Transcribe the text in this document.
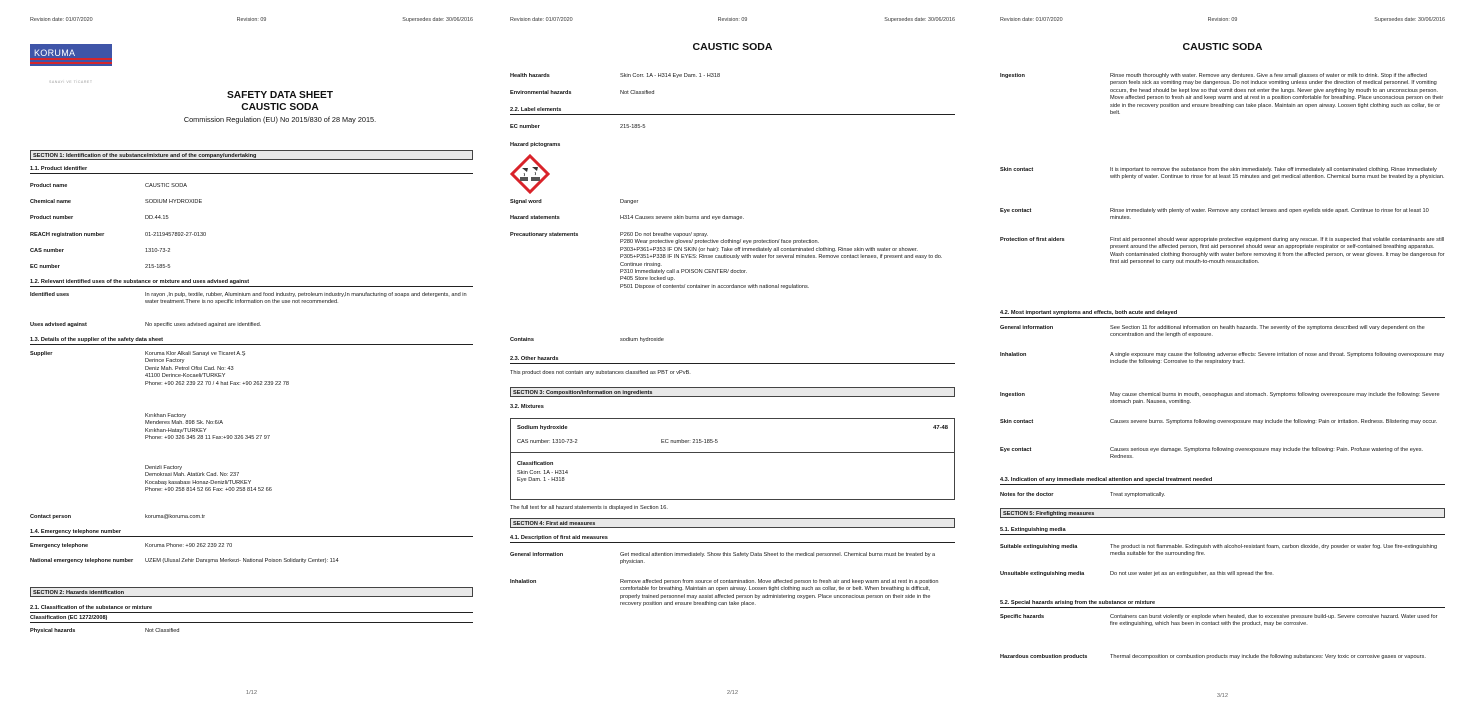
Revision date: 01/07/2020	Revision: 09	Supersedes date: 30/06/2016
KORUMA
SANAYİ VE TİCARET
SAFETY DATA SHEET
CAUSTIC SODA
Commission Regulation (EU) No 2015/830 of 28 May 2015.
SECTION 1: Identification of the substance/mixture and of the company/undertaking
1.1. Product identifier
Product name	CAUSTIC SODA
Chemical name	SODIUM HYDROXIDE
Product number	DD.44.15
REACH registration number	01-2119457892-27-0130
CAS number	1310-73-2
EC number	215-185-5
1.2. Relevant identified uses of the substance or mixture and uses advised against
Identified uses	In rayon ,In pulp, textile, rubber, Aluminium and food industry, petroleum industry,In manufacturing of soaps and detergents, and in water treatment.There is no specific information on the use not recommended.
Uses advised against	No specific uses advised against are identified.
1.3. Details of the supplier of the safety data sheet
Supplier	Koruma Klor Alkali Sanayi ve Ticaret A.Ş
Derince Factory
Deniz Mah. Petrol Ofisi Cad. No: 43
41100 Derince-Kocaeli/TURKEY
Phone: +90 262 239 22 70 / 4 hat Fax: +90 262 239 22 78
Kırıkhan Factory
Menderes Mah. 898 Sk. No:6/A
Kırıkhan-Hatay/TURKEY
Phone: +90 326 345 28 11 Fax:+90 326 345 27 97
Denizli Factory
Demokrasi Mah. Atatürk Cad. No: 237
Kocabaş kasabası Honaz-Denizli/TURKEY
Phone: +90 258 814 52 66 Fax: +00 258 814 52 66
Contact person	koruma@koruma.com.tr
1.4. Emergency telephone number
Emergency telephone	Koruma Phone: +90 262 239 22 70
National emergency telephone number	UZEM (Ulusal Zehir Danışma Merkezi- National Poison Solidarity Center): 114
SECTION 2: Hazards identification
2.1. Classification of the substance or mixture
Classification (EC 1272/2008)
Physical hazards	Not Classified
1/12
Revision date: 01/07/2020	Revision: 09	Supersedes date: 30/06/2016
CAUSTIC SODA
Health hazards	Skin Corr. 1A - H314 Eye Dam. 1 - H318
Environmental hazards	Not Classified
2.2. Label elements
EC number	215-185-5
Hazard pictograms
Signal word	Danger
Hazard statements	H314 Causes severe skin burns and eye damage.
Precautionary statements	P260 Do not breathe vapour/ spray.
P280 Wear protective gloves/ protective clothing/ eye protection/ face protection.
P303+P361+P353 IF ON SKIN (or hair): Take off immediately all contaminated clothing. Rinse skin with water or shower.
P305+P351+P338 IF IN EYES: Rinse cautiously with water for several minutes. Remove contact lenses, if present and easy to do. Continue rinsing.
P310 Immediately call a POISON CENTER/ doctor.
P405 Store locked up.
P501 Dispose of contents/ container in accordance with national regulations.
Contains	sodium hydroxide
2.3. Other hazards
This product does not contain any substances classified as PBT or vPvB.
SECTION 3: Composition/information on ingredients
3.2. Mixtures
Sodium hydroxide	47-48
CAS number: 1310-73-2	EC number: 215-185-5
Classification
Skin Corr. 1A - H314
Eye Dam. 1 - H318
The full text for all hazard statements is displayed in Section 16.
SECTION 4: First aid measures
4.1. Description of first aid measures
General information	Get medical attention immediately. Show this Safety Data Sheet to the medical personnel. Chemical burns must be treated by a physician.
Inhalation	Remove affected person from source of contamination. Move affected person to fresh air and keep warm and at rest in a position comfortable for breathing. Maintain an open airway. Loosen tight clothing such as collar, tie or belt. When breathing is difficult, properly trained personnel may assist affected person by administering oxygen. Place unconscious person on their side in the recovery position and ensure breathing can take place.
2/12
Revision date: 01/07/2020	Revision: 09	Supersedes date: 30/06/2016
CAUSTIC SODA
Ingestion	Rinse mouth thoroughly with water. Remove any dentures. Give a few small glasses of water or milk to drink. Stop if the affected person feels sick as vomiting may be dangerous. Do not induce vomiting unless under the direction of medical personnel. If vomiting occurs, the head should be kept low so that vomit does not enter the lungs. Never give anything by mouth to an unconscious person. Move affected person to fresh air and keep warm and at rest in a position comfortable for breathing. Place unconscious person on their side in the recovery position and ensure breathing can take place. Maintain an open airway. Loosen tight clothing such as collar, tie or belt.
Skin contact	It is important to remove the substance from the skin immediately. Take off immediately all contaminated clothing. Rinse immediately with plenty of water. Continue to rinse for at least 15 minutes and get medical attention. Chemical burns must be treated by a physician.
Eye contact	Rinse immediately with plenty of water. Remove any contact lenses and open eyelids wide apart. Continue to rinse for at least 10 minutes.
Protection of first aiders	First aid personnel should wear appropriate protective equipment during any rescue. If it is suspected that volatile contaminants are still present around the affected person, first aid personnel should wear an appropriate respirator or self-contained breathing apparatus. Wash contaminated clothing thoroughly with water before removing it from the affected person, or wear gloves. It may be dangerous for first aid personnel to carry out mouth-to-mouth resuscitation.
4.2. Most important symptoms and effects, both acute and delayed
General information	See Section 11 for additional information on health hazards. The severity of the symptoms described will vary dependent on the concentration and the length of exposure.
Inhalation	A single exposure may cause the following adverse effects: Severe irritation of nose and throat. Symptoms following overexposure may include the following: Corrosive to the respiratory tract.
Ingestion	May cause chemical burns in mouth, oesophagus and stomach. Symptoms following overexposure may include the following: Severe stomach pain. Nausea, vomiting.
Skin contact	Causes severe burns. Symptoms following overexposure may include the following: Pain or irritation. Redness. Blistering may occur.
Eye contact	Causes serious eye damage. Symptoms following overexposure may include the following: Pain. Profuse watering of the eyes. Redness.
4.3. Indication of any immediate medical attention and special treatment needed
Notes for the doctor	Treat symptomatically.
SECTION 5: Firefighting measures
5.1. Extinguishing media
Suitable extinguishing media	The product is not flammable. Extinguish with alcohol-resistant foam, carbon dioxide, dry powder or water fog. Use fire-extinguishing media suitable for the surrounding fire.
Unsuitable extinguishing media	Do not use water jet as an extinguisher, as this will spread the fire.
5.2. Special hazards arising from the substance or mixture
Specific hazards	Containers can burst violently or explode when heated, due to excessive pressure build-up. Severe corrosive hazard. Water used for fire extinguishing, which has been in contact with the product, may be corrosive.
Hazardous combustion products	Thermal decomposition or combustion products may include the following substances: Very toxic or corrosive gases or vapours.
3/12
